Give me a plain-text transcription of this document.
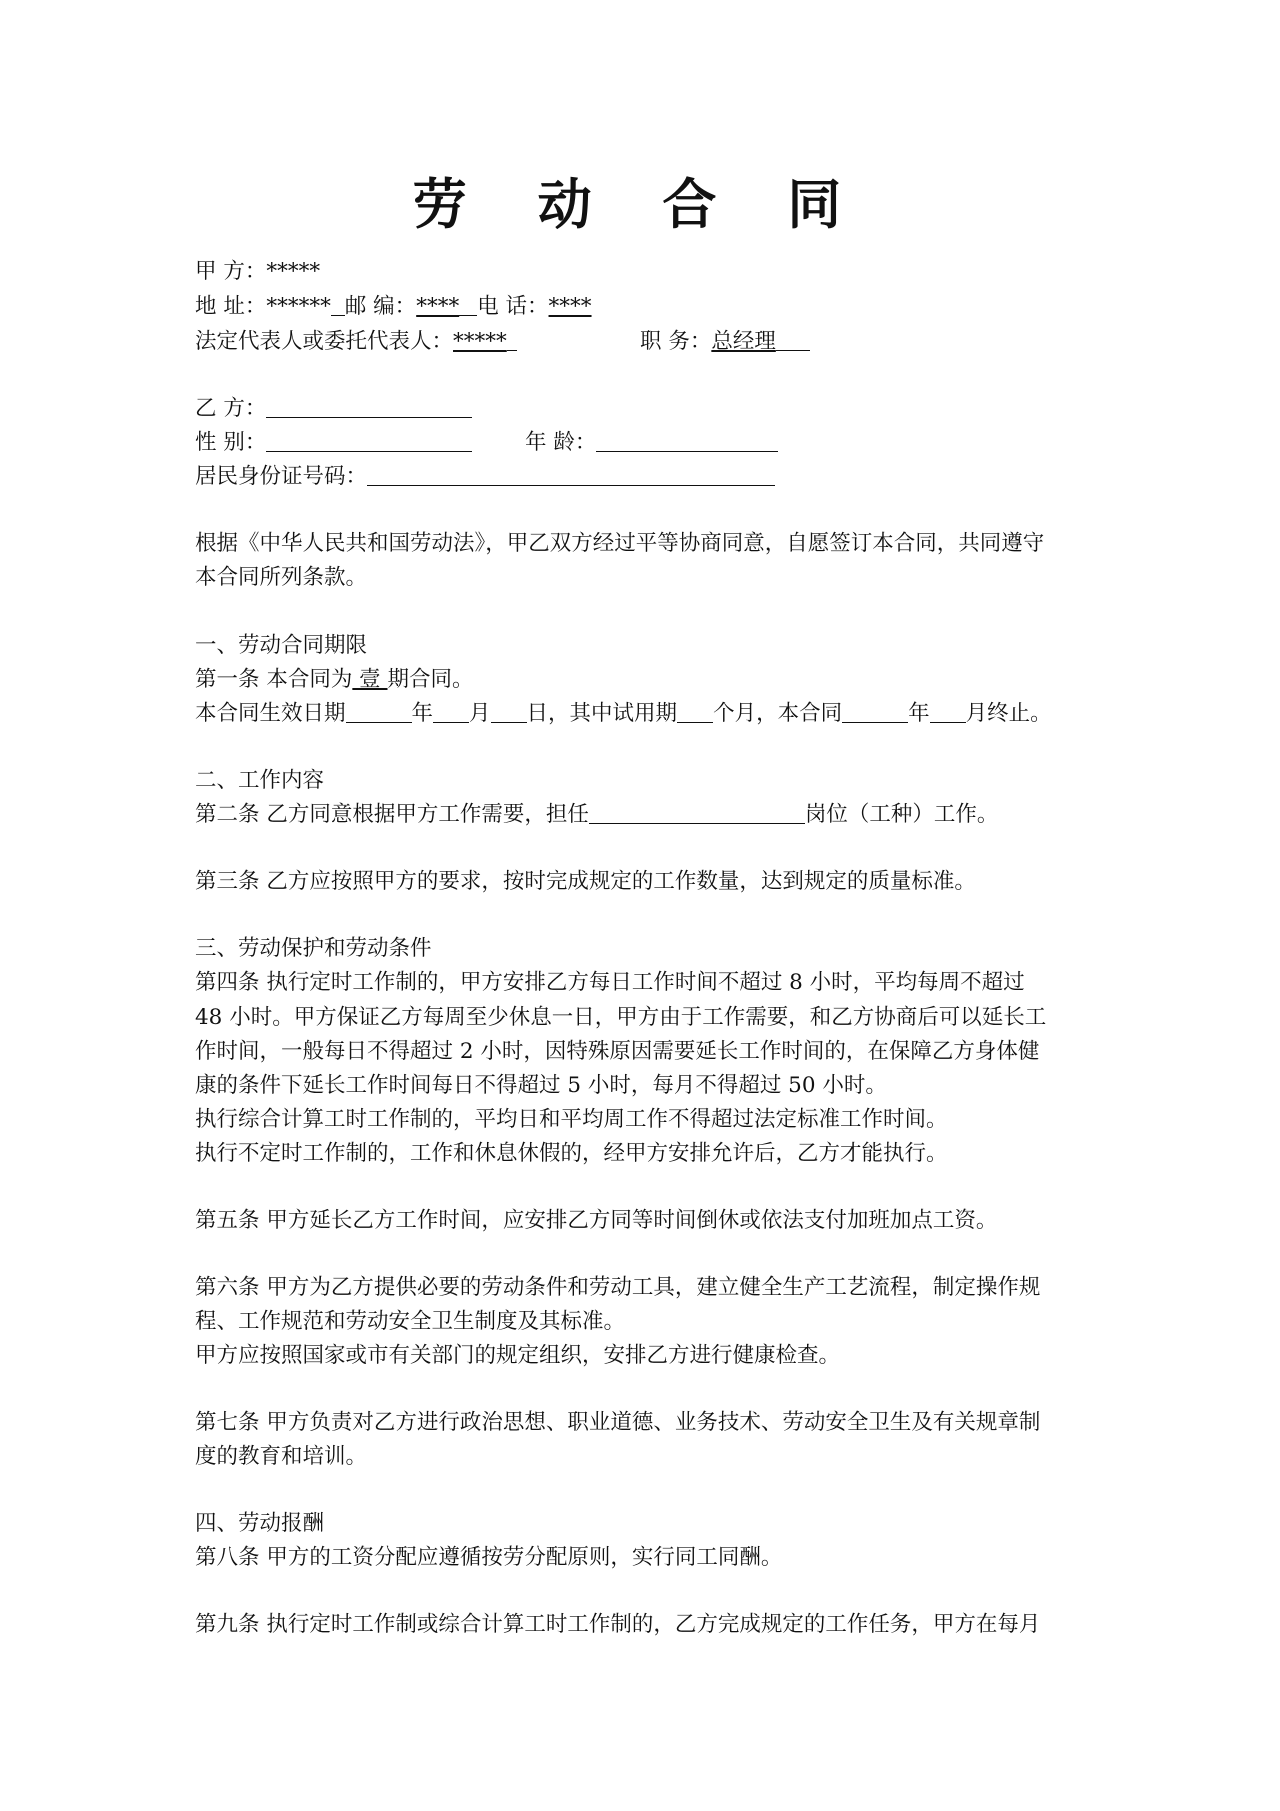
劳 动 合 同
甲 方：*****
地 址：****** 邮 编：**** 电 话：****
法定代表人或委托代表人：*****	职 务：总经理
乙 方：
性 别：	年 龄：
居民身份证号码：
根据《中华人民共和国劳动法》，甲乙双方经过平等协商同意，自愿签订本合同，共同遵守
本合同所列条款。
一、劳动合同期限
第一条 本合同为 壹 期合同。
本合同生效日期	年 月 日，其中试用期 个月，本合同	年 月终止。
二、工作内容
第二条 乙方同意根据甲方工作需要，担任	岗位（工种）工作。
第三条 乙方应按照甲方的要求，按时完成规定的工作数量，达到规定的质量标准。
三、劳动保护和劳动条件
第四条 执行定时工作制的，甲方安排乙方每日工作时间不超过 8 小时，平均每周不超过
48 小时。甲方保证乙方每周至少休息一日，甲方由于工作需要，和乙方协商后可以延长工
作时间，一般每日不得超过 2 小时，因特殊原因需要延长工作时间的，在保障乙方身体健
康的条件下延长工作时间每日不得超过 5 小时，每月不得超过 50 小时。
执行综合计算工时工作制的，平均日和平均周工作不得超过法定标准工作时间。
执行不定时工作制的，工作和休息休假的，经甲方安排允许后，乙方才能执行。
第五条 甲方延长乙方工作时间，应安排乙方同等时间倒休或依法支付加班加点工资。
第六条 甲方为乙方提供必要的劳动条件和劳动工具，建立健全生产工艺流程，制定操作规
程、工作规范和劳动安全卫生制度及其标准。
甲方应按照国家或市有关部门的规定组织，安排乙方进行健康检查。
第七条 甲方负责对乙方进行政治思想、职业道德、业务技术、劳动安全卫生及有关规章制
度的教育和培训。
四、劳动报酬
第八条 甲方的工资分配应遵循按劳分配原则，实行同工同酬。
第九条 执行定时工作制或综合计算工时工作制的，乙方完成规定的工作任务，甲方在每月
